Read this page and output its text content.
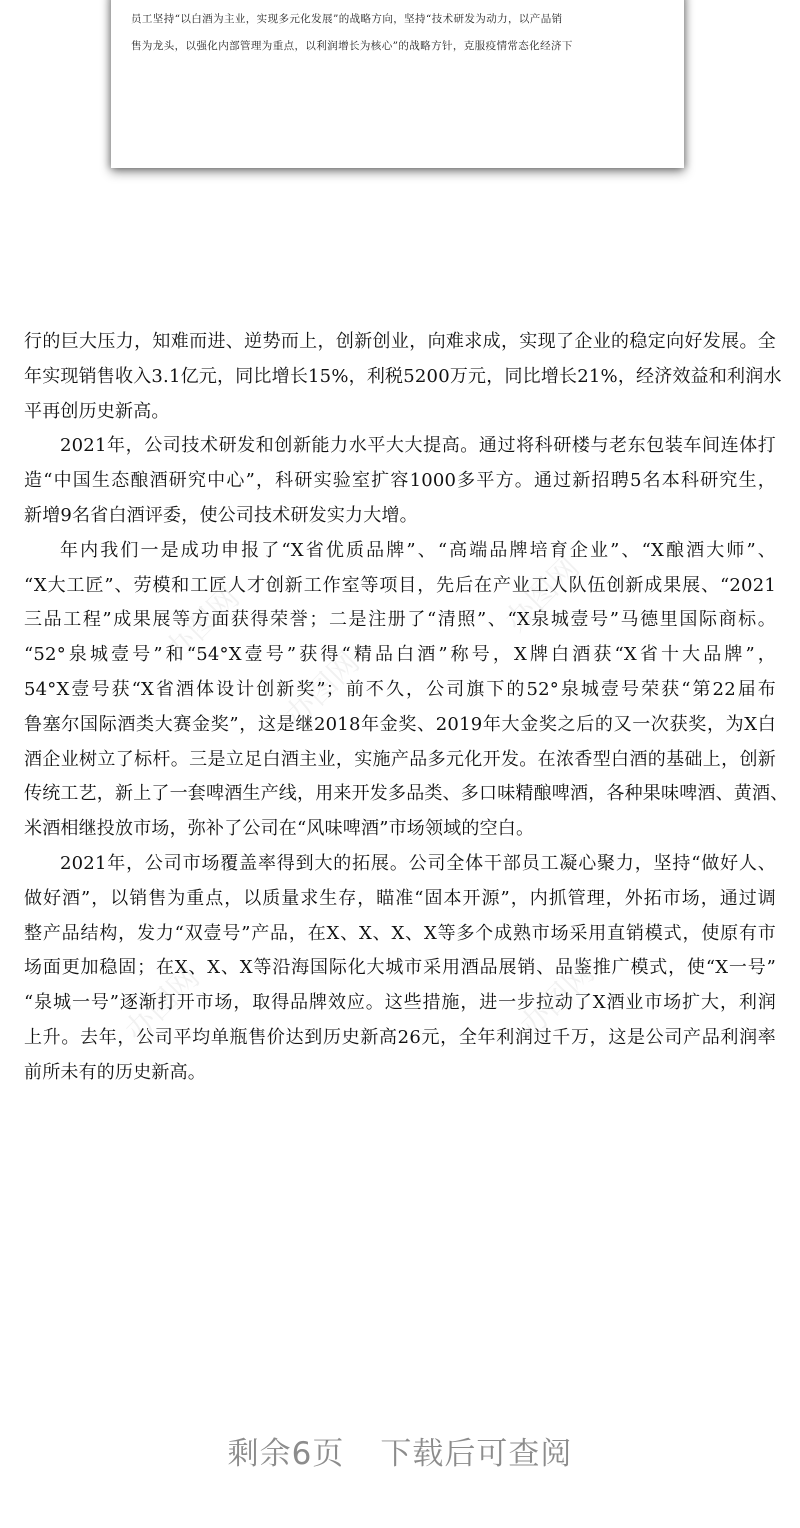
员工坚持“以白酒为主业，实现多元化发展”的战略方向，坚持“技术研发为动力，以产品销

售为龙头，以强化内部管理为重点，以利润增长为核心”的战略方针，克服疫情常态化经济下

办图网	办图网
办图网
办图网	办图网

行的巨大压力，知难而进、逆势而上，创新创业，向难求成，实现了企业的稳定向好发展。全
年实现销售收入3.1亿元，同比增长15%，利税5200万元，同比增长21%，经济效益和利润水
平再创历史新高。

2021年，公司技术研发和创新能力水平大大提高。通过将科研楼与老东包装车间连体打
造“中国生态酿酒研究中心”，科研实验室扩容1000多平方。通过新招聘5名本科研究生，
新增9名省白酒评委，使公司技术研发实力大增。

年内我们一是成功申报了“X省优质品牌”、“高端品牌培育企业”、“X酿酒大师”、
“X大工匠”、劳模和工匠人才创新工作室等项目，先后在产业工人队伍创新成果展、“2021
三品工程”成果展等方面获得荣誉；二是注册了“清照”、“X泉城壹号”马德里国际商标。
“52°泉城壹号”和“54°X壹号”获得“精品白酒”称号，X牌白酒获“X省十大品牌”，
54°X壹号获“X省酒体设计创新奖”；前不久，公司旗下的52°泉城壹号荣获“第22届布
鲁塞尔国际酒类大赛金奖”，这是继2018年金奖、2019年大金奖之后的又一次获奖，为X白
酒企业树立了标杆。三是立足白酒主业，实施产品多元化开发。在浓香型白酒的基础上，创新
传统工艺，新上了一套啤酒生产线，用来开发多品类、多口味精酿啤酒，各种果味啤酒、黄酒、
米酒相继投放市场，弥补了公司在“风味啤酒”市场领域的空白。

2021年，公司市场覆盖率得到大的拓展。公司全体干部员工凝心聚力，坚持“做好人、
做好酒”，以销售为重点，以质量求生存，瞄准“固本开源”，内抓管理，外拓市场，通过调
整产品结构，发力“双壹号”产品，在X、X、X、X等多个成熟市场采用直销模式，使原有市
场面更加稳固；在X、X、X等沿海国际化大城市采用酒品展销、品鉴推广模式，使“X一号”
“泉城一号”逐渐打开市场，取得品牌效应。这些措施，进一步拉动了X酒业市场扩大，利润
上升。去年，公司平均单瓶售价达到历史新高26元，全年利润过千万，这是公司产品利润率
前所未有的历史新高。

剩余6页 下载后可查阅
